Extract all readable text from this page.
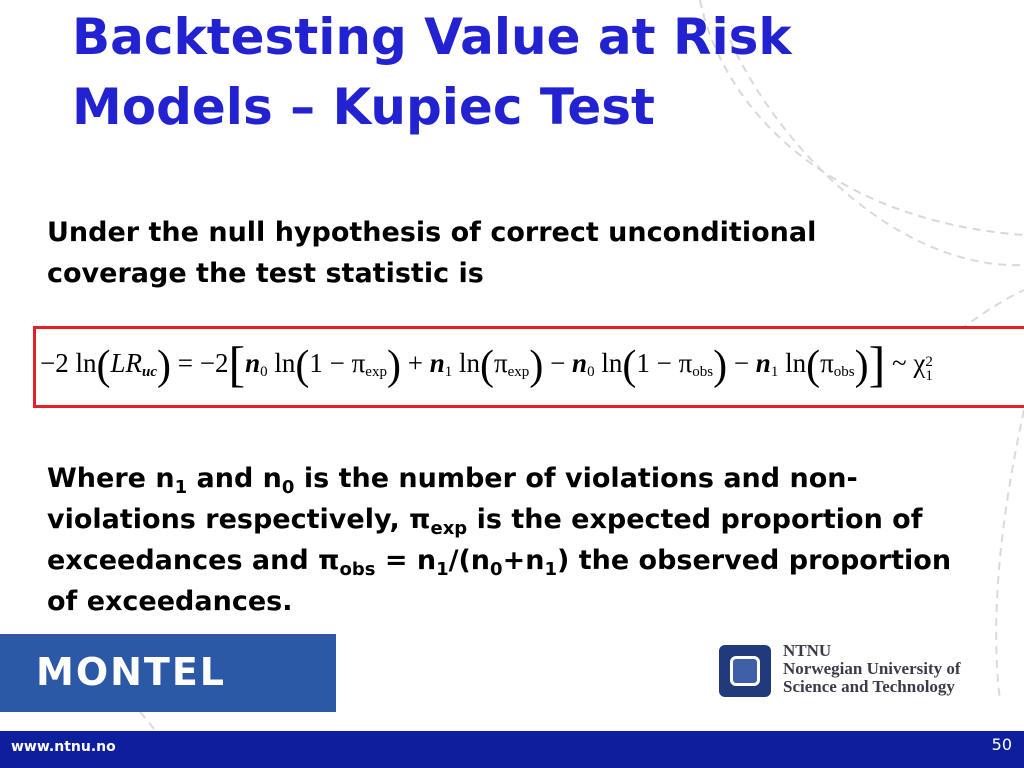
Backtesting Value at Risk Models – Kupiec Test

Under the null hypothesis of correct unconditional coverage the test statistic is

−2 $\ln(LR_{uc}) = -2[n_0$ $\ln(1 - \pi_{exp}) + n_1$ $\ln(\pi_{exp}) - n_0$ $\ln(1 - \pi_{obs}) - n_1$ $\ln(\pi_{obs})$] ~ χ 2
1

Where $n_1$ and $n_0$ is the number of violations and non-violations respectively, $\pi_{exp}$ is the expected proportion of exceedances and $\pi_{obs} = n_1/(n_0+n_1)$ the observed proportion of exceedances.

MONTEL	NTNU
Norwegian University of
Science and Technology
www.ntnu.no	50
